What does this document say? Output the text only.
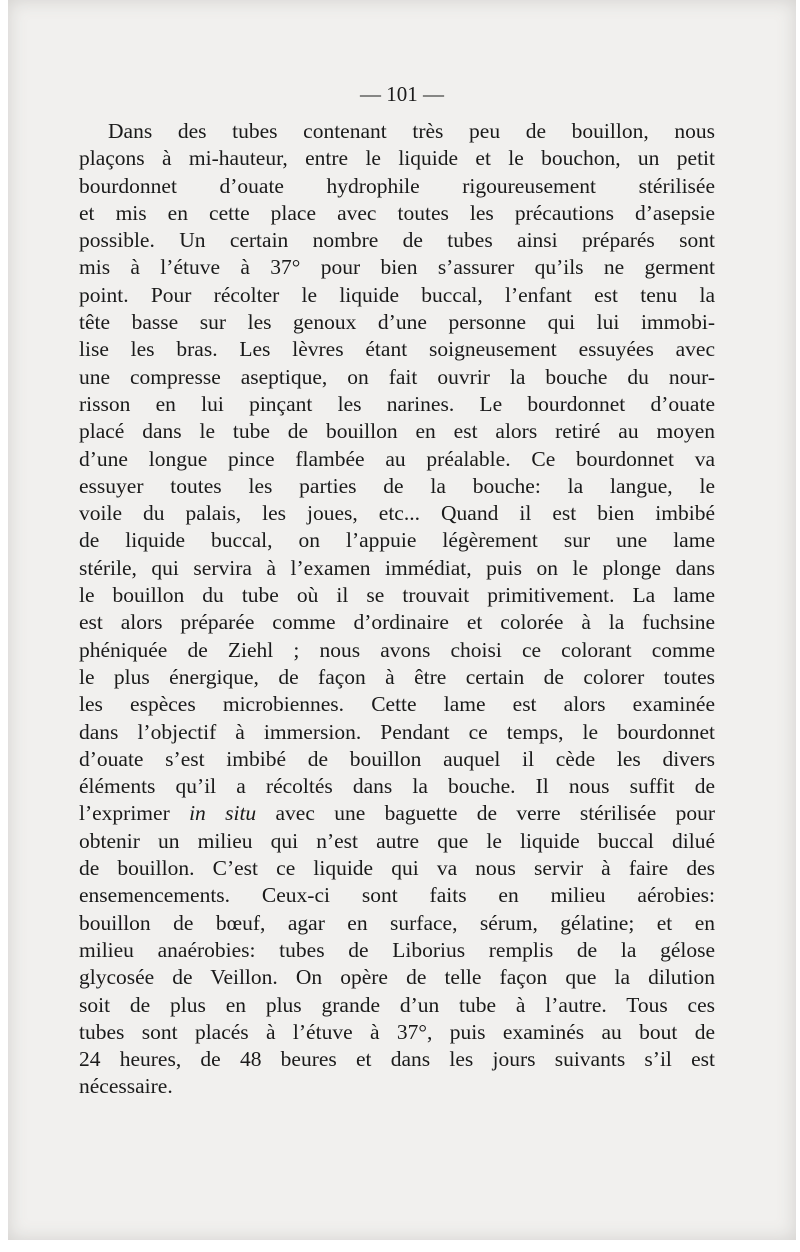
— 101 —
Dans des tubes contenant très peu de bouillon, nous
plaçons à mi-hauteur, entre le liquide et le bouchon, un petit
bourdonnet d’ouate hydrophile rigoureusement stérilisée
et mis en cette place avec toutes les précautions d’asepsie
possible. Un certain nombre de tubes ainsi préparés sont
mis à l’étuve à 37° pour bien s’assurer qu’ils ne germent
point. Pour récolter le liquide buccal, l’enfant est tenu la
tête basse sur les genoux d’une personne qui lui immobi-
lise les bras. Les lèvres étant soigneusement essuyées avec
une compresse aseptique, on fait ouvrir la bouche du nour-
risson en lui pinçant les narines. Le bourdonnet d’ouate
placé dans le tube de bouillon en est alors retiré au moyen
d’une longue pince flambée au préalable. Ce bourdonnet va
essuyer toutes les parties de la bouche: la langue, le
voile du palais, les joues, etc... Quand il est bien imbibé
de liquide buccal, on l’appuie légèrement sur une lame
stérile, qui servira à l’examen immédiat, puis on le plonge dans
le bouillon du tube où il se trouvait primitivement. La lame
est alors préparée comme d’ordinaire et colorée à la fuchsine
phéniquée de Ziehl ; nous avons choisi ce colorant comme
le plus énergique, de façon à être certain de colorer toutes
les espèces microbiennes. Cette lame est alors examinée
dans l’objectif à immersion. Pendant ce temps, le bourdonnet
d’ouate s’est imbibé de bouillon auquel il cède les divers
éléments qu’il a récoltés dans la bouche. Il nous suffit de
l’exprimer in situ avec une baguette de verre stérilisée pour
obtenir un milieu qui n’est autre que le liquide buccal dilué
de bouillon. C’est ce liquide qui va nous servir à faire des
ensemencements. Ceux-ci sont faits en milieu aérobies:
bouillon de bœuf, agar en surface, sérum, gélatine; et en
milieu anaérobies: tubes de Liborius remplis de la gélose
glycosée de Veillon. On opère de telle façon que la dilution
soit de plus en plus grande d’un tube à l’autre. Tous ces
tubes sont placés à l’étuve à 37°, puis examinés au bout de
24 heures, de 48 beures et dans les jours suivants s’il est
nécessaire.
